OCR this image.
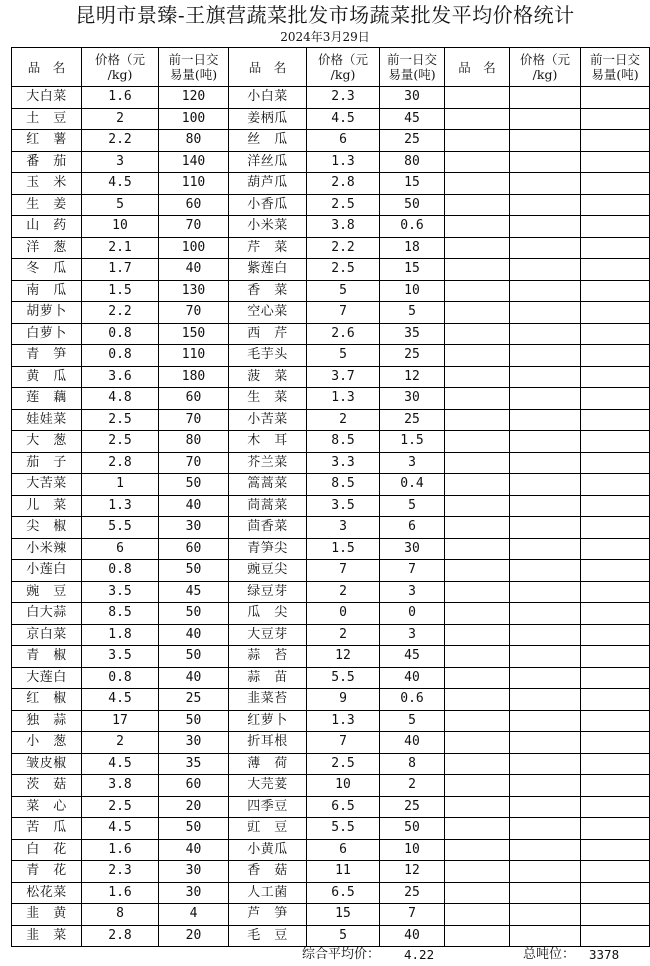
昆明市景臻-王旗营蔬菜批发市场蔬菜批发平均价格统计
2024年3月29日
品　名	价格（元
/kg)	前一日交
易量(吨)	品　名	价格（元
/kg)	前一日交
易量(吨)	品　名	价格（元
/kg)	前一日交
易量(吨)

大白菜	1.6	120	小白菜	2.3	30			
土　豆	2	100	姜柄瓜	4.5	45			
红　薯	2.2	80	丝　瓜	6	25			
番　茄	3	140	洋丝瓜	1.3	80			
玉　米	4.5	110	葫芦瓜	2.8	15			
生　姜	5	60	小香瓜	2.5	50			
山　药	10	70	小米菜	3.8	0.6			
洋　葱	2.1	100	芹　菜	2.2	18			
冬　瓜	1.7	40	紫莲白	2.5	15			
南　瓜	1.5	130	香　菜	5	10			
胡萝卜	2.2	70	空心菜	7	5			
白萝卜	0.8	150	西　芹	2.6	35			
青　笋	0.8	110	毛芋头	5	25			
黄　瓜	3.6	180	菠　菜	3.7	12			
莲　藕	4.8	60	生　菜	1.3	30			
娃娃菜	2.5	70	小苦菜	2	25			
大　葱	2.5	80	木　耳	8.5	1.5			
茄　子	2.8	70	芥兰菜	3.3	3			
大苦菜	1	50	篙蒿菜	8.5	0.4			
儿　菜	1.3	40	茼蒿菜	3.5	5			
尖　椒	5.5	30	茴香菜	3	6			
小米辣	6	60	青笋尖	1.5	30			
小莲白	0.8	50	豌豆尖	7	7			
豌　豆	3.5	45	绿豆芽	2	3			
白大蒜	8.5	50	瓜　尖	0	0			
京白菜	1.8	40	大豆芽	2	3			
青　椒	3.5	50	蒜　苔	12	45			
大莲白	0.8	40	蒜　苗	5.5	40			
红　椒	4.5	25	韭菜苔	9	0.6			
独　蒜	17	50	红萝卜	1.3	5			
小　葱	2	30	折耳根	7	40			
皱皮椒	4.5	35	薄　荷	2.5	8			
茨　菇	3.8	60	大芫荽	10	2			
菜　心	2.5	20	四季豆	6.5	25			
苦　瓜	4.5	50	豇　豆	5.5	50			
白　花	1.6	40	小黄瓜	6	10			
青　花	2.3	30	香　菇	11	12			
松花菜	1.6	30	人工菌	6.5	25			
韭　黄	8	4	芦　笋	15	7			
韭　菜	2.8	20	毛　豆	5	40			
综合平均价： 4.22	总吨位： 3378
